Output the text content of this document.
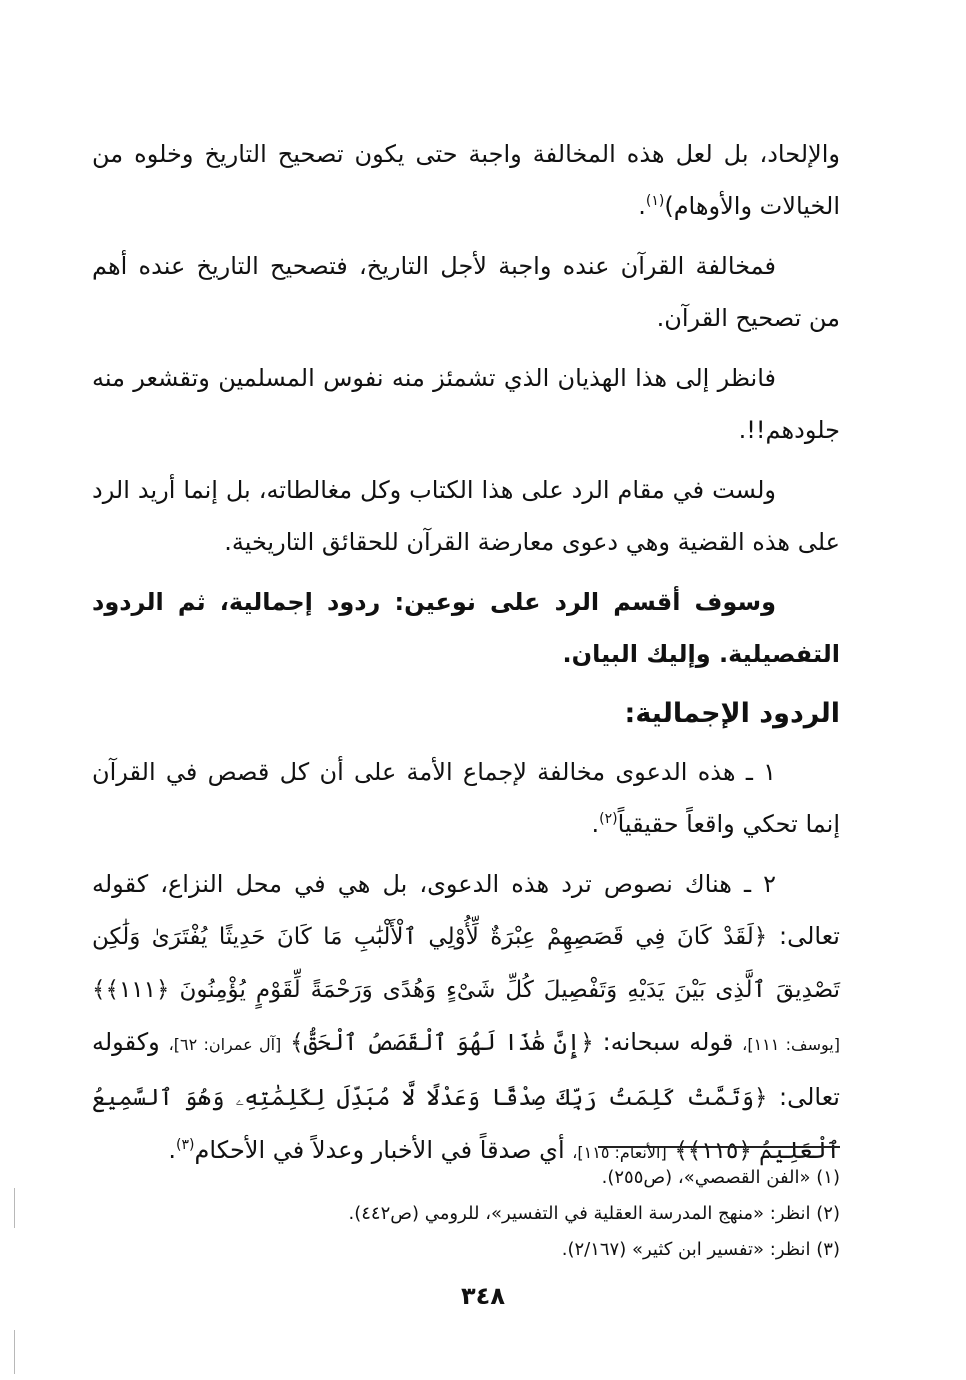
والإلحاد، بل لعل هذه المخالفة واجبة حتى يكون تصحيح التاريخ وخلوه من الخيالات والأوهام)$^{(١)}$.

فمخالفة القرآن عنده واجبة لأجل التاريخ، فتصحيح التاريخ عنده أهم من تصحيح القرآن.

فانظر إلى هذا الهذيان الذي تشمئز منه نفوس المسلمين وتقشعر منه جلودهم!!.

ولست في مقام الرد على هذا الكتاب وكل مغالطاته، بل إنما أريد الرد على هذه القضية وهي دعوى معارضة القرآن للحقائق التاريخية.

وسوف أقسم الرد على نوعين: ردود إجمالية، ثم الردود التفصيلية. وإليك البيان.

الردود الإجمالية:

١ ـ هذه الدعوى مخالفة لإجماع الأمة على أن كل قصص في القرآن إنما تحكي واقعاً حقيقياً$^{(٢)}$.

٢ ـ هناك نصوص ترد هذه الدعوى، بل هي في محل النزاع، كقوله تعالى: ﴿لَقَدْ كَانَ فِي قَصَصِهِمْ عِبْرَةٌ لِّأُوْلِي ٱلْأَلْبَٰبِ مَا كَانَ حَدِيثًا يُفْتَرَىٰ وَلَٰكِن تَصْدِيقَ ٱلَّذِى بَيْنَ يَدَيْهِ وَتَفْصِيلَ كُلِّ شَىْءٍ وَهُدًى وَرَحْمَةً لِّقَوْمٍ يُؤْمِنُونَ ﴿١١١﴾﴾ [يوسف: ١١١]، قوله سبحانه: ﴿إِنَّ هَٰذَا لَهُوَ ٱلْقَصَصُ ٱلْحَقُّ﴾ [آل عمران: ٦٢]، وكقوله تعالى: ﴿وَتَمَّتْ كَلِمَتُ رَبِّكَ صِدْقًا وَعَدْلًا لَّا مُبَدِّلَ لِكَلِمَٰتِهِۦ وَهُوَ ٱلسَّمِيعُ ٱلْعَلِيمُ ﴿١١٥﴾﴾ [الأنعام: ١١٥]، أي صدقاً في الأخبار وعدلاً في الأحكام$^{(٣)}$.

(١) «الفن القصصي»، (ص٢٥٥).
(٢) انظر: «منهج المدرسة العقلية في التفسير»، للرومي (ص٤٤٢).
(٣) انظر: «تفسير ابن كثير» (٢/١٦٧).
٣٤٨
